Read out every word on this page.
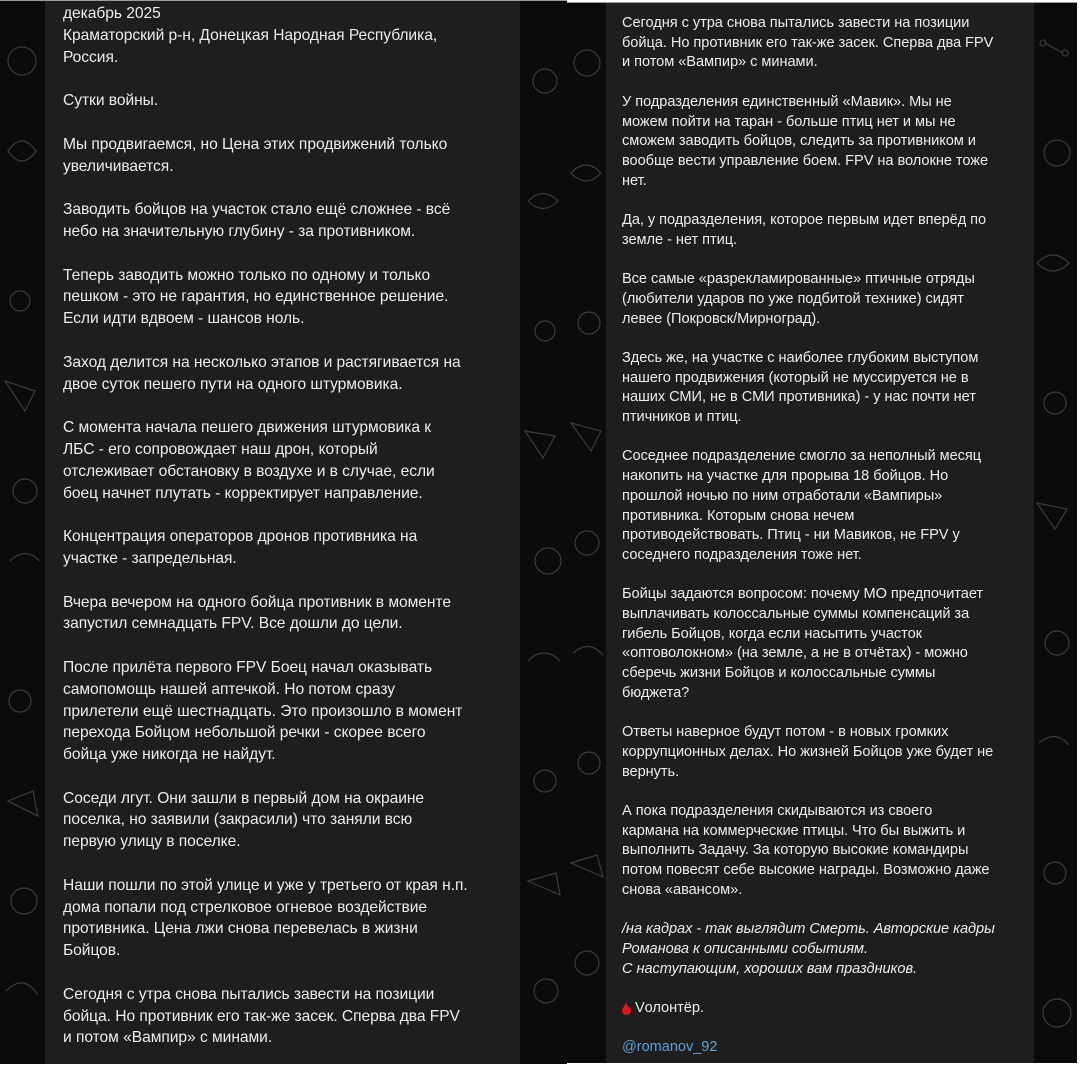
декабрь 2025
Краматорский р-н, Донецкая Народная Республика,
Россия.

Сутки войны.

Мы продвигаемся, но Цена этих продвижений только
увеличивается.

Заводить бойцов на участок стало ещё сложнее - всё
небо на значительную глубину - за противником.

Теперь заводить можно только по одному и только
пешком - это не гарантия, но единственное решение.
Если идти вдвоем - шансов ноль.

Заход делится на несколько этапов и растягивается на
двое суток пешего пути на одного штурмовика.

С момента начала пешего движения штурмовика к
ЛБС - его сопровождает наш дрон, который
отслеживает обстановку в воздухе и в случае, если
боец начнет плутать - корректирует направление.

Концентрация операторов дронов противника на
участке - запредельная.

Вчера вечером на одного бойца противник в моменте
запустил семнадцать FPV. Все дошли до цели.

После прилёта первого FPV Боец начал оказывать
самопомощь нашей аптечкой. Но потом сразу
прилетели ещё шестнадцать. Это произошло в момент
перехода Бойцом небольшой речки - скорее всего
бойца уже никогда не найдут.

Соседи лгут. Они зашли в первый дом на окраине
поселка, но заявили (закрасили) что заняли всю
первую улицу в поселке.

Наши пошли по этой улице и уже у третьего от края н.п.
дома попали под стрелковое огневое воздействие
противника. Цена лжи снова перевелась в жизни
Бойцов.

Сегодня с утра снова пытались завести на позиции
бойца. Но противник его так-же засек. Сперва два FPV
и потом «Вампир» с минами.

Сегодня с утра снова пытались завести на позиции
бойца. Но противник его так-же засек. Сперва два FPV
и потом «Вампир» с минами.

У подразделения единственный «Мавик». Мы не
можем пойти на таран - больше птиц нет и мы не
сможем заводить бойцов, следить за противником и
вообще вести управление боем. FPV на волокне тоже
нет.

Да, у подразделения, которое первым идет вперёд по
земле - нет птиц.

Все самые «разрекламированные» птичные отряды
(любители ударов по уже подбитой технике) сидят
левее (Покровск/Мирноград).

Здесь же, на участке с наиболее глубоким выступом
нашего продвижения (который не муссируется не в
наших СМИ, не в СМИ противника) - у нас почти нет
птичников и птиц.

Соседнее подразделение смогло за неполный месяц
накопить на участке для прорыва 18 бойцов. Но
прошлой ночью по ним отработали «Вампиры»
противника. Которым снова нечем
противодействовать. Птиц - ни Мавиков, не FPV у
соседнего подразделения тоже нет.

Бойцы задаются вопросом: почему МО предпочитает
выплачивать колоссальные суммы компенсаций за
гибель Бойцов, когда если насытить участок
«оптоволокном» (на земле, а не в отчётах) - можно
сберечь жизни Бойцов и колоссальные суммы
бюджета?

Ответы наверное будут потом - в новых громких
коррупционных делах. Но жизней Бойцов уже будет не
вернуть.

А пока подразделения скидываются из своего
кармана на коммерческие птицы. Что бы выжить и
выполнить Задачу. За которую высокие командиры
потом повесят себе высокие награды. Возможно даже
снова «авансом».

/на кадрах - так выглядит Смерть. Авторские кадры
Романова к описанными событиям.
С наступающим, хороших вам праздников.

Vолонтёр.

@romanov_92
